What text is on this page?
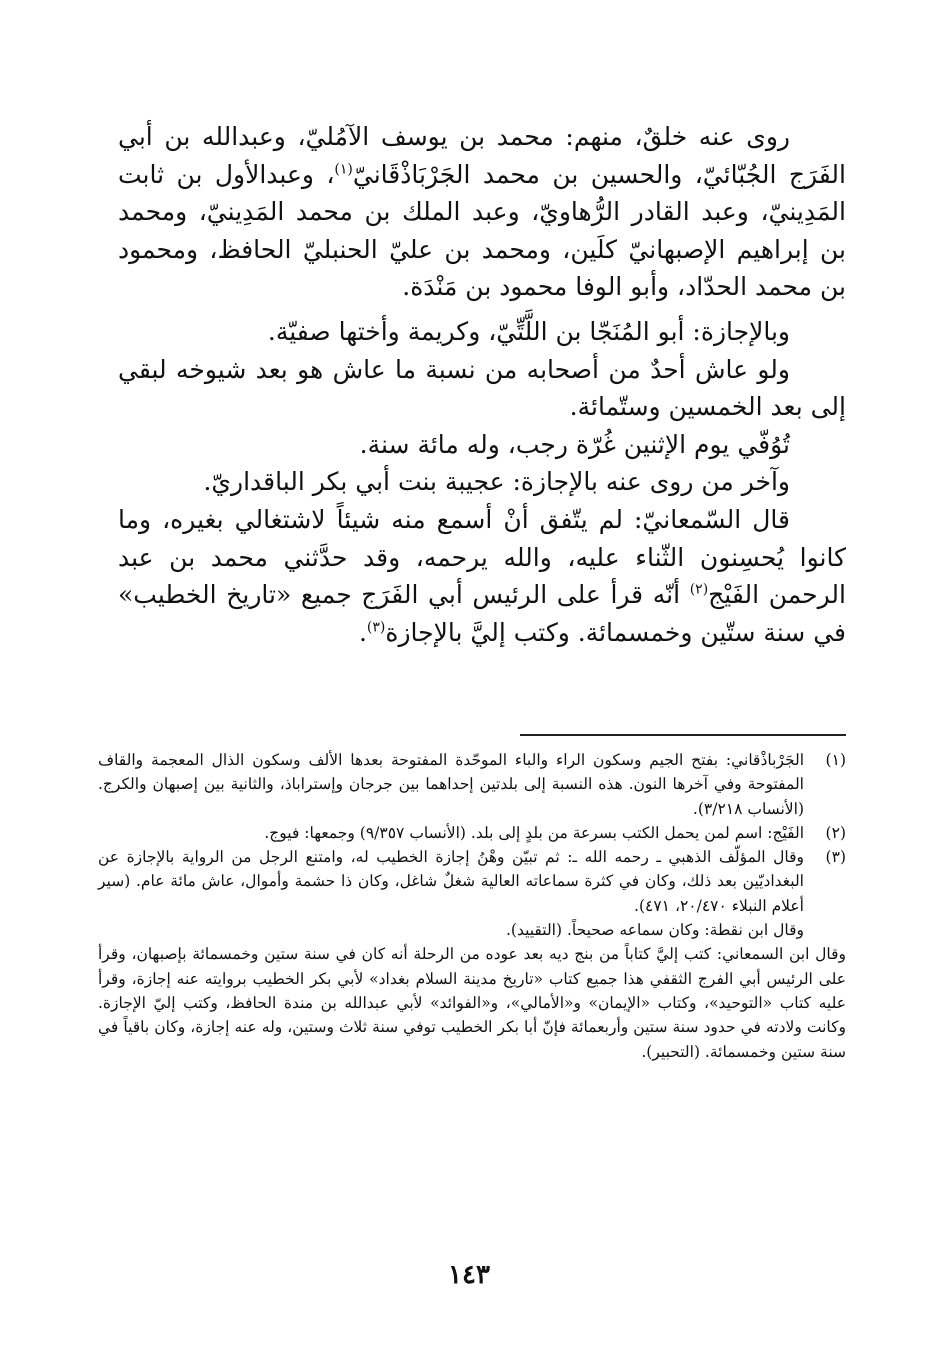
روى عنه خلقٌ، منهم: محمد بن يوسف الآمُليّ، وعبدالله بن أبي الفَرَج الجُبّائيّ، والحسين بن محمد الجَرْبَاذْقَانيّ$^{(١)}$، وعبدالأول بن ثابت المَدِينيّ، وعبد القادر الرُّهاويّ، وعبد الملك بن محمد المَدِينيّ، ومحمد بن إبراهيم الإصبهانيّ كلَين، ومحمد بن عليّ الحنبليّ الحافظ، ومحمود بن محمد الحدّاد، وأبو الوفا محمود بن مَنْدَة.

وبالإجازة: أبو المُنَجّا بن اللَّتِّيّ، وكريمة وأختها صفيّة.

ولو عاش أحدٌ من أصحابه من نسبة ما عاش هو بعد شيوخه لبقي إلى بعد الخمسين وستّمائة.

تُوُفّي يوم الإثنين غُرّة رجب، وله مائة سنة.

وآخر من روى عنه بالإجازة: عجيبة بنت أبي بكر الباقداريّ.

قال السّمعانيّ: لم يتّفق أنْ أسمع منه شيئاً لاشتغالي بغيره، وما كانوا يُحسِنون الثّناء عليه، والله يرحمه، وقد حدَّثني محمد بن عبد الرحمن الفَيْج$^{(٢)}$ أنّه قرأ على الرئيس أبي الفَرَج جميع «تاريخ الخطيب» في سنة ستّين وخمسمائة. وكتب إليَّ بالإجازة$^{(٣)}$.

(١)

الجَرْباذْقاني: بفتح الجيم وسكون الراء والباء الموحّدة المفتوحة بعدها الألف وسكون الذال المعجمة والقاف المفتوحة وفي آخرها النون. هذه النسبة إلى بلدتين إحداهما بين جرجان وإستراباذ، والثانية بين إصبهان والكرج. (الأنساب ٣/٢١٨).

(٢)

الفَيْج: اسم لمن يحمل الكتب بسرعة من بلدٍ إلى بلد. (الأنساب ٩/٣٥٧) وجمعها: فيوج.

(٣)

وقال المؤلّف الذهبي ـ رحمه الله ـ: ثم تبيّن وهْنُ إجازة الخطيب له، وامتنع الرجل من الرواية بالإجازة عن البغداديّين بعد ذلك، وكان في كثرة سماعاته العالية شغلٌ شاغل، وكان ذا حشمة وأموال، عاش مائة عام. (سير أعلام النبلاء ٢٠/٤٧٠، ٤٧١).

وقال ابن نقطة: وكان سماعه صحيحاً. (التقييد).

وقال ابن السمعاني: كتب إليَّ كتاباً من بنج ديه بعد عوده من الرحلة أنه كان في سنة ستين وخمسمائة بإصبهان، وقرأ على الرئيس أبي الفرج الثقفي هذا جميع كتاب «تاريخ مدينة السلام بغداد» لأبي بكر الخطيب بروايته عنه إجازة، وقرأ عليه كتاب «التوحيد»، وكتاب «الإيمان» و«الأمالي»، و«الفوائد» لأبي عبدالله بن مندة الحافظ، وكتب إليّ الإجازة. وكانت ولادته في حدود سنة ستين وأربعمائة فإنّ أبا بكر الخطيب توفي سنة ثلاث وستين، وله عنه إجازة، وكان باقياً في سنة ستين وخمسمائة. (التحبير).

١٤٣
